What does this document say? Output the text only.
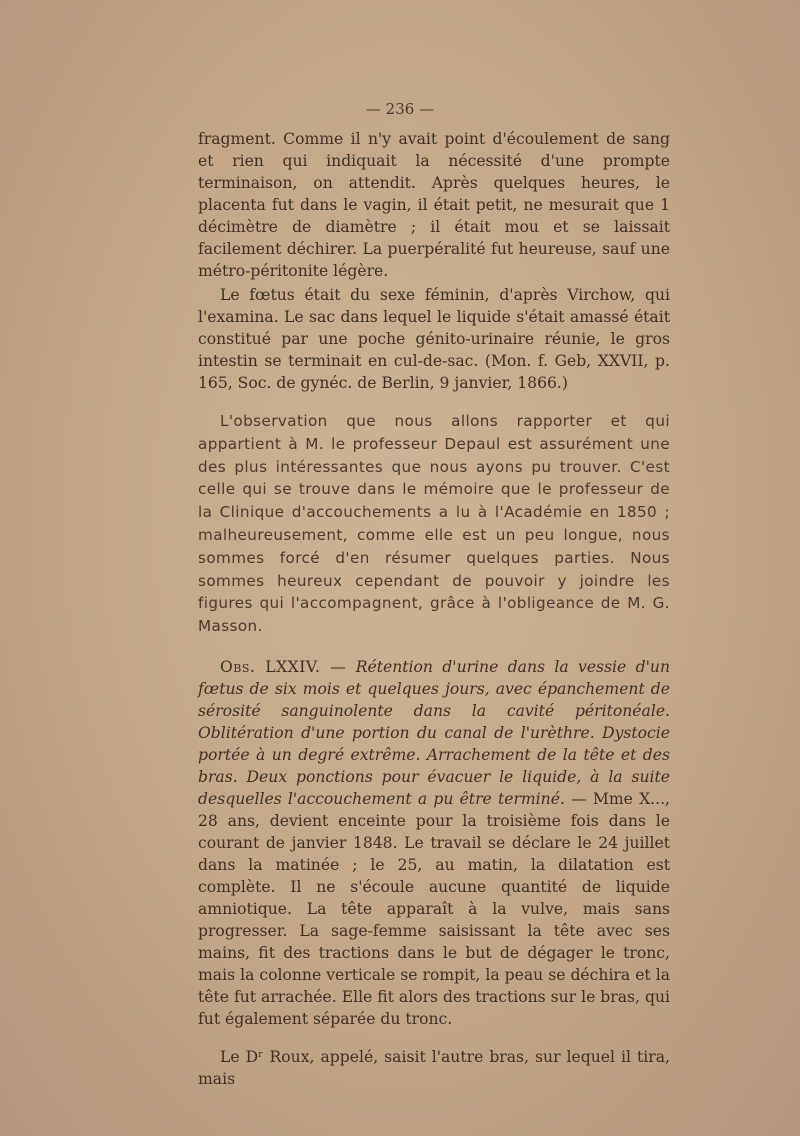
— 236 —

fragment. Comme il n'y avait point d'écoulement de sang et rien qui indiquait la nécessité d'une prompte terminaison, on attendit. Après quelques heures, le placenta fut dans le vagin, il était petit, ne mesurait que 1 décimètre de diamètre ; il était mou et se laissait facilement déchirer. La puerpéralité fut heureuse, sauf une métro-péritonite légère.

Le fœtus était du sexe féminin, d'après Virchow, qui l'examina. Le sac dans lequel le liquide s'était amassé était constitué par une poche génito-urinaire réunie, le gros intestin se terminait en cul-de-sac. (Mon. f. Geb, XXVII, p. 165, Soc. de gynéc. de Berlin, 9 janvier, 1866.)

L'observation que nous allons rapporter et qui appartient à M. le professeur Depaul est assurément une des plus intéressantes que nous ayons pu trouver. C'est celle qui se trouve dans le mémoire que le professeur de la Clinique d'accouchements a lu à l'Académie en 1850 ; malheureusement, comme elle est un peu longue, nous sommes forcé d'en résumer quelques parties. Nous sommes heureux cependant de pouvoir y joindre les figures qui l'accompagnent, grâce à l'obligeance de M. G. Masson.

Obs. LXXIV. — Rétention d'urine dans la vessie d'un fœtus de six mois et quelques jours, avec épanchement de sérosité sanguinolente dans la cavité péritonéale. Oblitération d'une portion du canal de l'urèthre. Dystocie portée à un degré extrême. Arrachement de la tête et des bras. Deux ponctions pour évacuer le liquide, à la suite desquelles l'accouchement a pu être terminé. — Mme X..., 28 ans, devient enceinte pour la troisième fois dans le courant de janvier 1848. Le travail se déclare le 24 juillet dans la matinée ; le 25, au matin, la dilatation est complète. Il ne s'écoule aucune quantité de liquide amniotique. La tête apparaît à la vulve, mais sans progresser. La sage-femme saisissant la tête avec ses mains, fit des tractions dans le but de dégager le tronc, mais la colonne verticale se rompit, la peau se déchira et la tête fut arrachée. Elle fit alors des tractions sur le bras, qui fut également séparée du tronc.

Le Dʳ Roux, appelé, saisit l'autre bras, sur lequel il tira, mais
